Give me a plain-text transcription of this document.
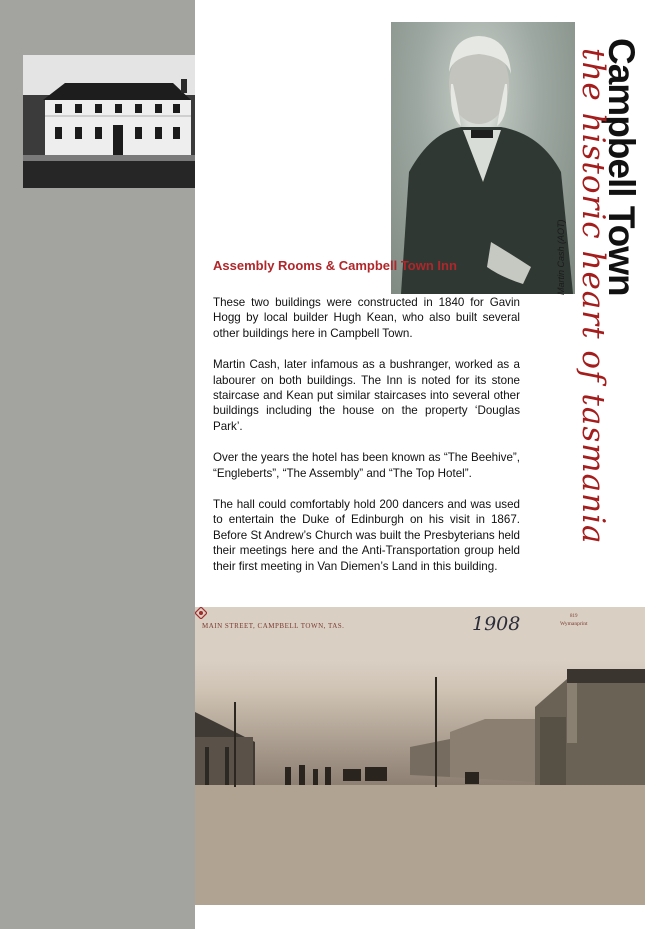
Martin Cash (AOT) Campbell Town
the historic heart of tasmania
Assembly Rooms & Campbell Town Inn

These two buildings were constructed in 1840 for Gavin Hogg by local builder Hugh Kean, who also built several other buildings here in Campbell Town.

Martin Cash, later infamous as a bushranger, worked as a labourer on both buildings. The Inn is noted for its stone staircase and Kean put similar staircases into several other buildings including the house on the property ‘Douglas Park’.

Over the years the hotel has been known as “The Beehive”, “Engleberts”, “The Assembly” and “The Top Hotel”.

The hall could comfortably hold 200 dancers and was used to entertain the Duke of Edinburgh on his visit in 1867. Before St Andrew’s Church was built the Presbyterians held their meetings here and the Anti-Transportation group held their first meeting in Van Diemen’s Land in this building.

MAIN STREET, CAMPBELL TOWN, TAS.	1908	819
Wymanprint
